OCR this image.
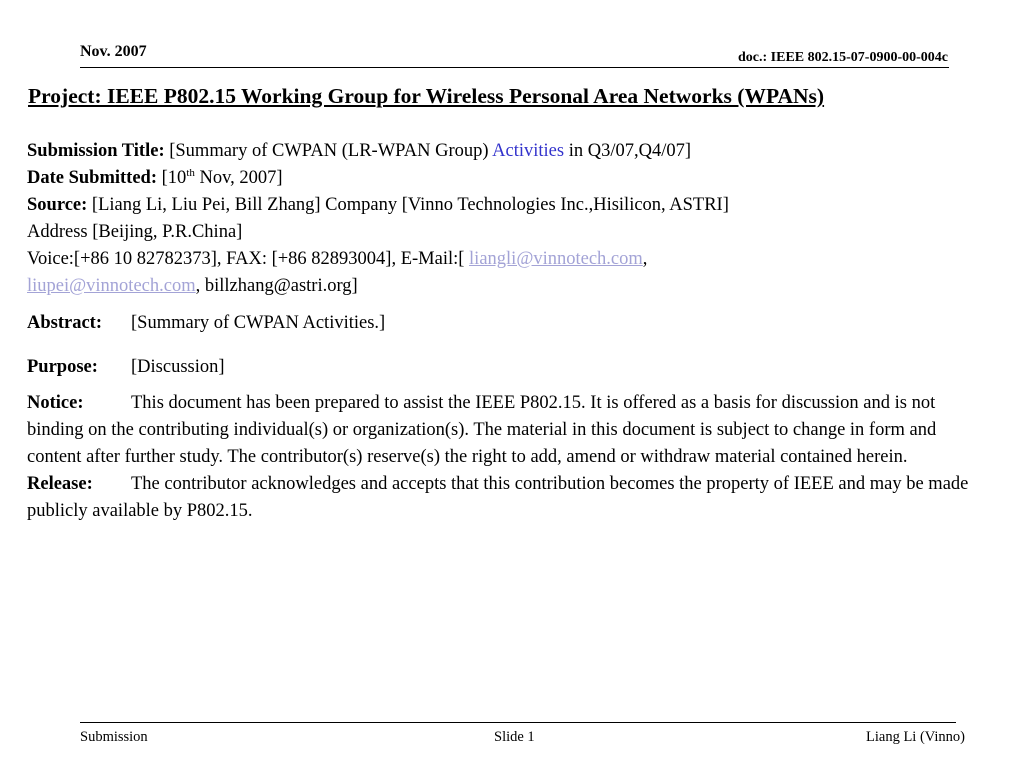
Nov. 2007	doc.: IEEE 802.15-07-0900-00-004c
Project: IEEE P802.15 Working Group for Wireless Personal Area Networks (WPANs)

Submission Title: [Summary of CWPAN (LR-WPAN Group) Activities in Q3/07,Q4/07]

Date Submitted: [10th Nov, 2007]

Source: [Liang Li, Liu Pei, Bill Zhang] Company [Vinno Technologies Inc.,Hisilicon, ASTRI]

Address [Beijing, P.R.China]

Voice:[+86 10 82782373], FAX: [+86 82893004], E-Mail:[ liangli@vinnotech.com,
liupei@vinnotech.com, billzhang@astri.org]

Abstract: [Summary of CWPAN Activities.]

Purpose: [Discussion]

Notice:	This document has been prepared to assist the IEEE P802.15. It is offered as a basis for discussion and is not binding on the contributing individual(s) or organization(s). The material in this document is subject to change in form and content after further study. The contributor(s) reserve(s) the right to add, amend or withdraw material contained herein.

Release: The contributor acknowledges and accepts that this contribution becomes the property of IEEE and may be made publicly available by P802.15.

Submission	Slide 1	Liang Li (Vinno)
